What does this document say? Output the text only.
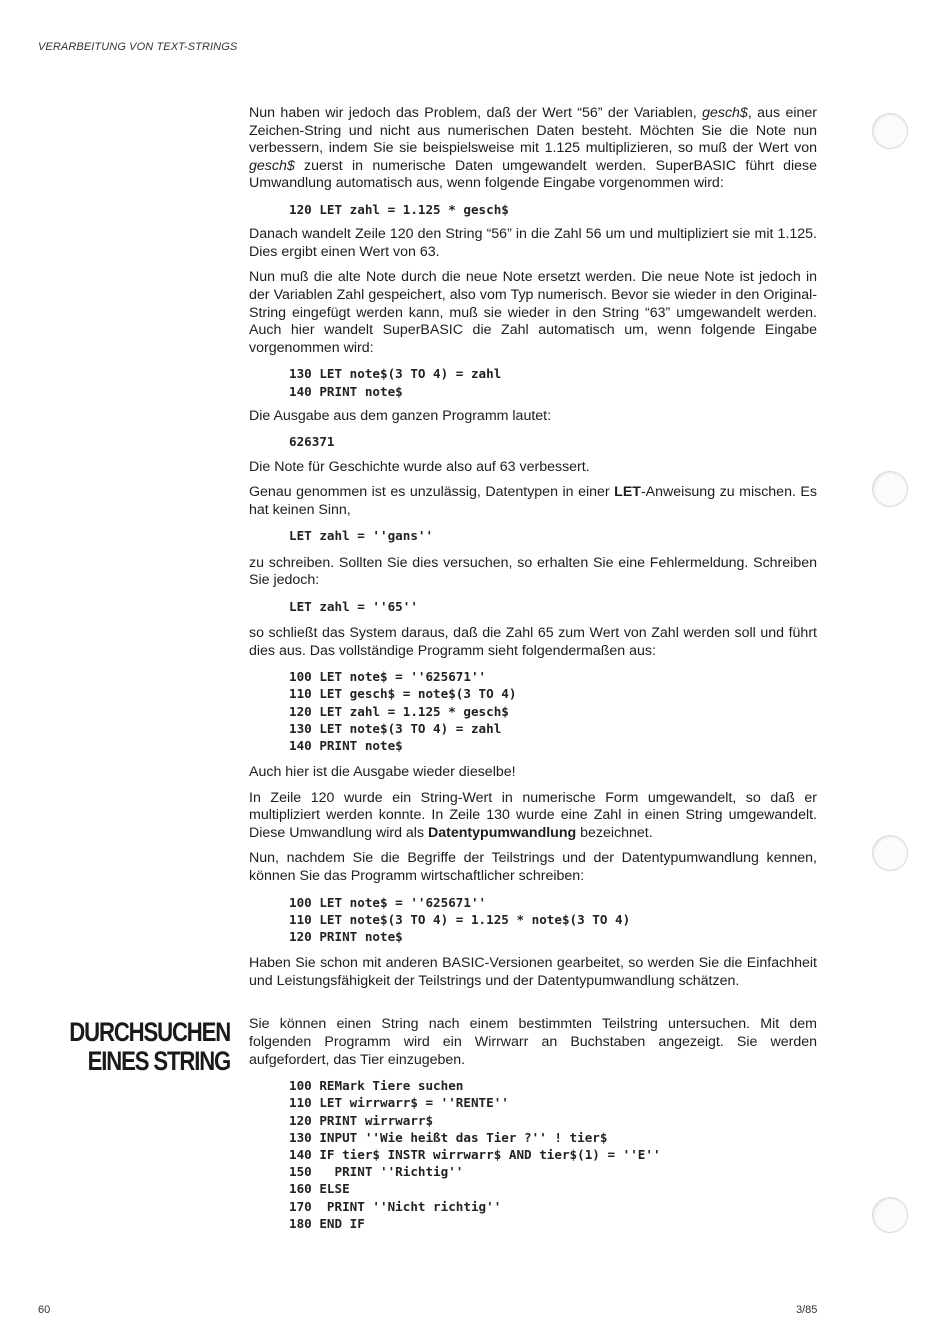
VERARBEITUNG VON TEXT-STRINGS
DURCHSUCHEN
EINES STRING

Nun haben wir jedoch das Problem, daß der Wert “56” der Variablen, gesch$, aus einer Zeichen-String und nicht aus numerischen Daten besteht. Möchten Sie die Note nun verbessern, indem Sie sie beispielsweise mit 1.125 multiplizieren, so muß der Wert von gesch$ zuerst in numerische Daten umgewandelt werden. SuperBASIC führt diese Umwandlung automatisch aus, wenn folgende Eingabe vorgenommen wird:

120 LET zahl = 1.125 * gesch$

Danach wandelt Zeile 120 den String “56” in die Zahl 56 um und multipliziert sie mit 1.125. Dies ergibt einen Wert von 63.

Nun muß die alte Note durch die neue Note ersetzt werden. Die neue Note ist jedoch in der Variablen Zahl gespeichert, also vom Typ numerisch. Bevor sie wieder in den Original-String eingefügt werden kann, muß sie wieder in den String “63” umgewandelt werden. Auch hier wandelt SuperBASIC die Zahl automatisch um, wenn folgende Eingabe vorgenommen wird:

130 LET note$(3 TO 4) = zahl
140 PRINT note$

Die Ausgabe aus dem ganzen Programm lautet:

626371

Die Note für Geschichte wurde also auf 63 verbessert.

Genau genommen ist es unzulässig, Datentypen in einer LET-Anweisung zu mischen. Es hat keinen Sinn,

LET zahl = ''gans''

zu schreiben. Sollten Sie dies versuchen, so erhalten Sie eine Fehlermeldung. Schreiben Sie jedoch:

LET zahl = ''65''

so schließt das System daraus, daß die Zahl 65 zum Wert von Zahl werden soll und führt dies aus. Das vollständige Programm sieht folgendermaßen aus:

100 LET note$ = ''625671''
110 LET gesch$ = note$(3 TO 4)
120 LET zahl = 1.125 * gesch$
130 LET note$(3 TO 4) = zahl
140 PRINT note$

Auch hier ist die Ausgabe wieder dieselbe!

In Zeile 120 wurde ein String-Wert in numerische Form umgewandelt, so daß er multipliziert werden konnte. In Zeile 130 wurde eine Zahl in einen String umgewandelt. Diese Umwandlung wird als Datentypumwandlung bezeichnet.

Nun, nachdem Sie die Begriffe der Teilstrings und der Datentypumwandlung kennen, können Sie das Programm wirtschaftlicher schreiben:

100 LET note$ = ''625671''
110 LET note$(3 TO 4) = 1.125 * note$(3 TO 4)
120 PRINT note$

Haben Sie schon mit anderen BASIC-Versionen gearbeitet, so werden Sie die Einfachheit und Leistungsfähigkeit der Teilstrings und der Datentypumwandlung schätzen.

Sie können einen String nach einem bestimmten Teilstring untersuchen. Mit dem folgenden Programm wird ein Wirrwarr an Buchstaben angezeigt. Sie werden aufgefordert, das Tier einzugeben.

100 REMark Tiere suchen
110 LET wirrwarr$ = ''RENTE''
120 PRINT wirrwarr$
130 INPUT ''Wie heißt das Tier ?'' ! tier$
140 IF tier$ INSTR wirrwarr$ AND tier$(1) = ''E''
150   PRINT ''Richtig''
160 ELSE
170  PRINT ''Nicht richtig''
180 END IF
60	3/85
